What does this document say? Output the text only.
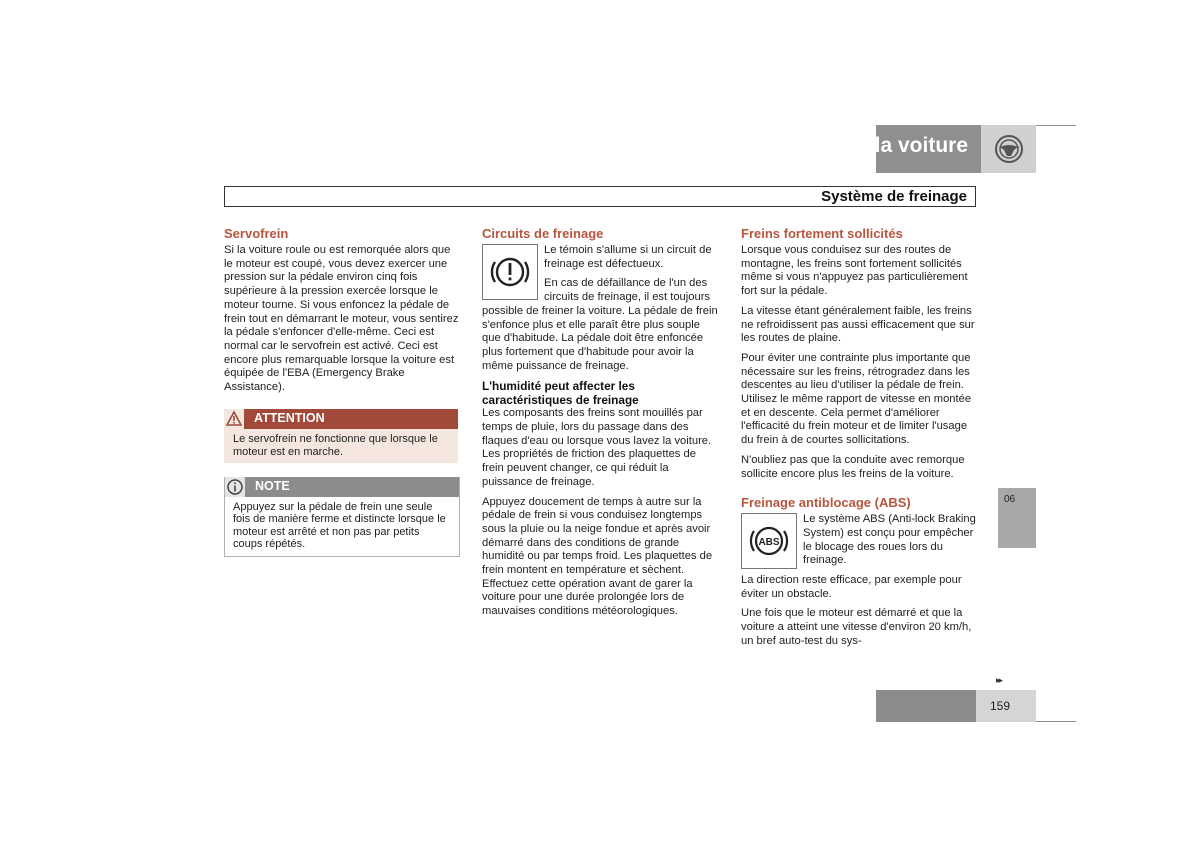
06 Démarrage et conduite de la voiture
Système de freinage
Servofrein

Si la voiture roule ou est remorquée alors que le moteur est coupé, vous devez exercer une pression sur la pédale environ cinq fois supérieure à la pression exercée lorsque le moteur tourne. Si vous enfoncez la pédale de frein tout en démarrant le moteur, vous sentirez la pédale s'enfoncer d'elle-même. Ceci est normal car le servofrein est activé. Ceci est encore plus remarquable lorsque la voiture est équipée de l'EBA (Emergency Brake Assistance).

ATTENTION
Le servofrein ne fonctionne que lorsque le moteur est en marche.
NOTE
Appuyez sur la pédale de frein une seule fois de manière ferme et distincte lorsque le moteur est arrêté et non pas par petits coups répétés.
Circuits de freinage

Le témoin s'allume si un circuit de freinage est défectueux.

En cas de défaillance de l'un des circuits de freinage, il est toujours possible de freiner la voiture. La pédale de frein s'enfonce plus et elle paraît être plus souple que d'habitude. La pédale doit être enfoncée plus fortement que d'habitude pour avoir la même puissance de freinage.

L'humidité peut affecter les caractéristiques de freinage

Les composants des freins sont mouillés par temps de pluie, lors du passage dans des flaques d'eau ou lorsque vous lavez la voiture. Les propriétés de friction des plaquettes de frein peuvent changer, ce qui réduit la puissance de freinage.

Appuyez doucement de temps à autre sur la pédale de frein si vous conduisez longtemps sous la pluie ou la neige fondue et après avoir démarré dans des conditions de grande humidité ou par temps froid. Les plaquettes de frein montent en température et sèchent. Effectuez cette opération avant de garer la voiture pour une durée prolongée lors de mauvaises conditions météorologiques.

Freins fortement sollicités

Lorsque vous conduisez sur des routes de montagne, les freins sont fortement sollicités même si vous n'appuyez pas particulièrement fort sur la pédale.

La vitesse étant généralement faible, les freins ne refroidissent pas aussi efficacement que sur les routes de plaine.

Pour éviter une contrainte plus importante que nécessaire sur les freins, rétrogradez dans les descentes au lieu d'utiliser la pédale de frein. Utilisez le même rapport de vitesse en montée et en descente. Cela permet d'améliorer l'efficacité du frein moteur et de limiter l'usage du frein à de courtes sollicitations.

N'oubliez pas que la conduite avec remorque sollicite encore plus les freins de la voiture.

Freinage antiblocage (ABS)
ABS

Le système ABS (Anti-lock Braking System) est conçu pour empêcher le blocage des roues lors du freinage.

La direction reste efficace, par exemple pour éviter un obstacle.

Une fois que le moteur est démarré et que la voiture a atteint une vitesse d'environ 20 km/h, un bref auto-test du sys-

06
▸▸
159
